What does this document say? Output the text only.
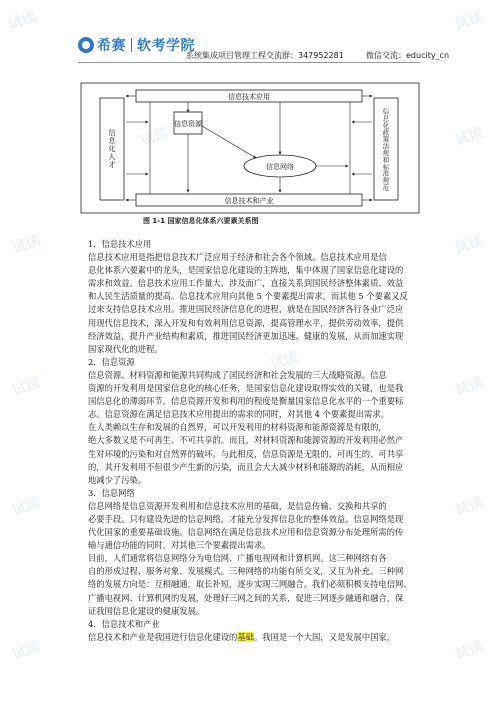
希赛 软考学院
系统集成项目管理工程交流群：347952281	微信交流：educity_cn
试读	试读
试读	试读
试读	试读
试读
试读	试读
试读	试读
试读	试读
信息技术应用
信息技术和产业
信息资源
信息网络
信息化人才	信息化政策法规和标准规范
图 1-1 国家信息化体系六要素关系图

1．信息技术应用

信息技术应用是指把信息技术广泛应用于经济和社会各个领域。信息技术应用是信

息化体系六要素中的龙头，是国家信息化建设的主阵地，集中体现了国家信息化建设的

需求和效益。信息技术应用工作量大、涉及面广，直接关系到国民经济整体素质、效益

和人民生活质量的提高。信息技术应用向其他 5 个要素提出需求，而其他 5 个要素又反

过来支持信息技术应用。推进国民经济信息化的进程，就是在国民经济各行各业广泛应

用现代信息技术，深入开发和有效利用信息资源，提高管理水平，提供劳动效率，提供

经济效益，提升产业结构和素质，推进国民经济更加迅速、健康的发展，从而加速实现

国家现代化的进程。

2．信息资源

信息资源、材料资源和能源共同构成了国民经济和社会发展的三大战略资源。信息

资源的开发利用是国家信息化的核心任务，是国家信息化建设取得实效的关键，也是我

国信息化的薄弱环节。信息资源开发和利用的程度是衡量国家信息化水平的一个重要标

志。信息资源在满足信息技术应用提出的需求的同时，对其他 4 个要素提出需求。

在人类赖以生存和发展的自然界，可以开发利用的材料资源和能源资源是有限的，

绝大多数又是不可再生、不可共享的。而且，对材料资源和能源资源的开发利用必然产

生对环境的污染和对自然界的破坏。与此相反，信息资源是无限的、可再生的、可共享

的，其开发利用不但很少产生新的污染，而且会大大减少材料和能源的消耗，从而相应

地减少了污染。

3．信息网络

信息网络是信息资源开发利用和信息技术应用的基础，是信息传输、交换和共享的

必要手段。只有建设先进的信息网络，才能充分发挥信息化的整体效益。信息网络是现

代化国家的重要基础设施。信息网络在满足信息技术应用和信息资源分布处理所需的传

输与通信功能的同时，对其他三个要素提出需求。

目前，人们通常将信息网络分为电信网、广播电视网和计算机网。这三种网络有各

自的形成过程、服务对象、发展模式。三种网络的功能有所交叉，又互为补充。三种网

络的发展方向是：互相融通，取长补短，逐步实现三网融合。我们必须积极支持电信网、

广播电视网、计算机网的发展，处理好三网之间的关系，促进三网逐步融通和融合，保

证我国信息化建设的健康发展。

4．信息技术和产业

信息技术和产业是我国进行信息化建设的基础。我国是一个大国，又是发展中国家，
